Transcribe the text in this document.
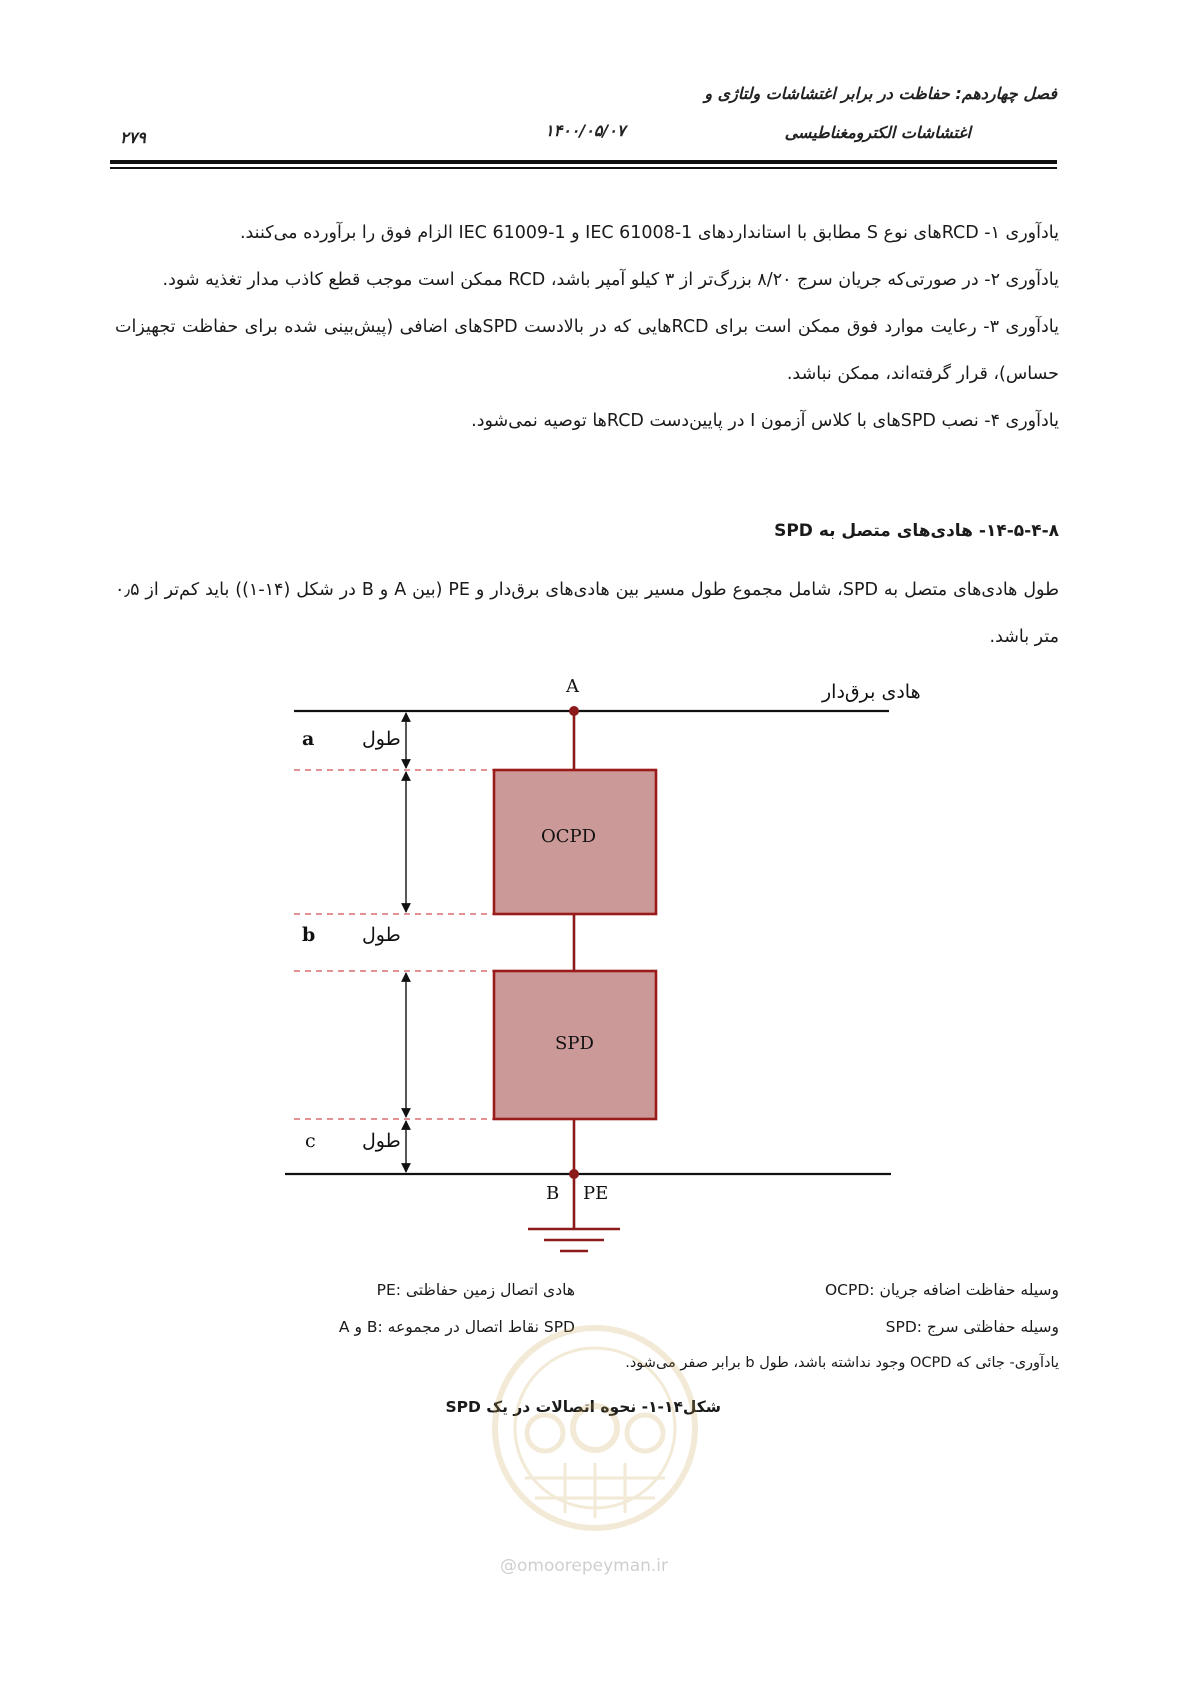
فصل چهاردهم: حفاظت در برابر اغتشاشات ولتاژی و
اغتشاشات الکترومغناطیسی
۱۴۰۰/۰۵/۰۷
۲۷۹

یادآوری ۱- RCDهای نوع S مطابق با استانداردهای IEC 61008-1 و IEC 61009-1 الزام فوق را برآورده می‌کنند.

یادآوری ۲- در صورتی‌که جریان سرج ۸/۲۰ بزرگ‌تر از ۳ کیلو آمپر باشد، RCD ممکن است موجب قطع کاذب مدار تغذیه شود.

یادآوری ۳- رعایت موارد فوق ممکن است برای RCDهایی که در بالادست SPDهای اضافی (پیش‌بینی شده برای حفاظت تجهیزات حساس)، قرار گرفته‌اند، ممکن نباشد.

یادآوری ۴- نصب SPDهای با کلاس آزمون I در پایین‌دست RCDها توصیه نمی‌شود.

۱۴-۵-۴-۸- هادی‌های متصل به SPD
طول هادی‌های متصل به SPD، شامل مجموع طول مسیر بین هادی‌های برق‌دار و PE (بین A و B در شکل (۱۴-۱)) باید کم‌تر از ۰٫۵ متر باشد.
A
B PE
OCPD
SPD
هادی برق‌دار
طول
a
طول
b
طول
c
OCPD: وسیله حفاظت اضافه جریان
PE: هادی اتصال زمین حفاظتی
SPD: وسیله حفاظتی سرج
A و B: نقاط اتصال در مجموعه SPD
یادآوری- جائی که OCPD وجود نداشته باشد، طول b برابر صفر می‌شود.
شکل۱۴-۱- نحوه اتصالات در یک SPD
@omoorepeyman.ir
